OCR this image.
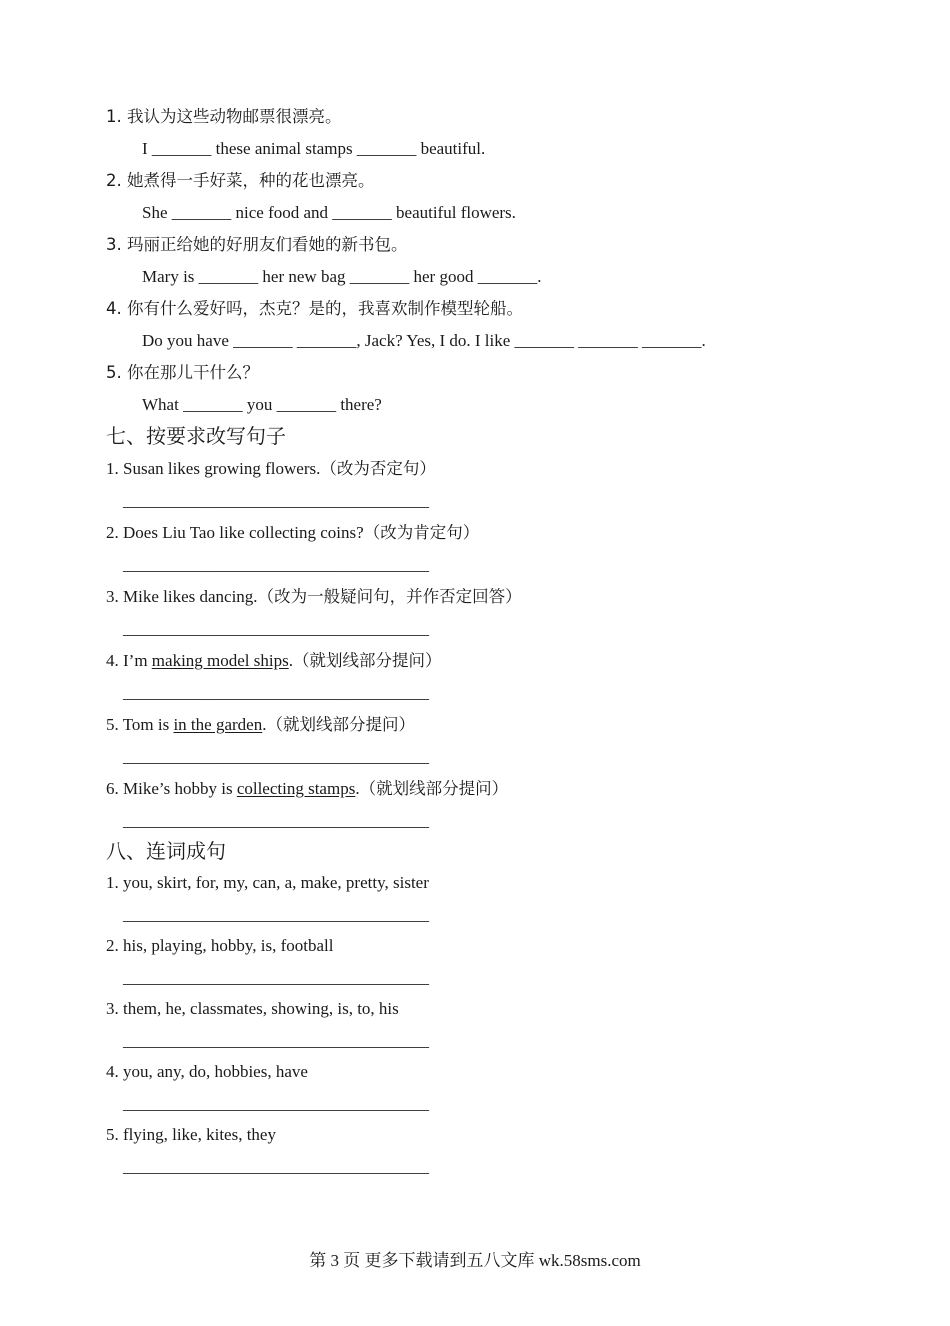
1. 我认为这些动物邮票很漂亮。
I _______ these animal stamps _______ beautiful.
2. 她煮得一手好菜，种的花也漂亮。
She _______ nice food and _______ beautiful flowers.
3. 玛丽正给她的好朋友们看她的新书包。
Mary is _______ her new bag _______ her good _______.
4. 你有什么爱好吗，杰克？是的，我喜欢制作模型轮船。
Do you have _______ _______, Jack? Yes, I do. I like _______ _______ _______.
5. 你在那儿干什么？
What _______ you _______ there?
七、按要求改写句子
1. Susan likes growing flowers.（改为否定句）
____________________________________
2. Does Liu Tao like collecting coins?（改为肯定句）
____________________________________
3. Mike likes dancing.（改为一般疑问句，并作否定回答）
____________________________________
4. I’m making model ships.（就划线部分提问）
____________________________________
5. Tom is in the garden.（就划线部分提问）
____________________________________
6. Mike’s hobby is collecting stamps.（就划线部分提问）
____________________________________
八、连词成句
1. you, skirt, for, my, can, a, make, pretty, sister
____________________________________
2. his, playing, hobby, is, football
____________________________________
3. them, he, classmates, showing, is, to, his
____________________________________
4. you, any, do, hobbies, have
____________________________________
5. flying, like, kites, they
____________________________________
第 3 页 更多下载请到五八文库 wk.58sms.com
